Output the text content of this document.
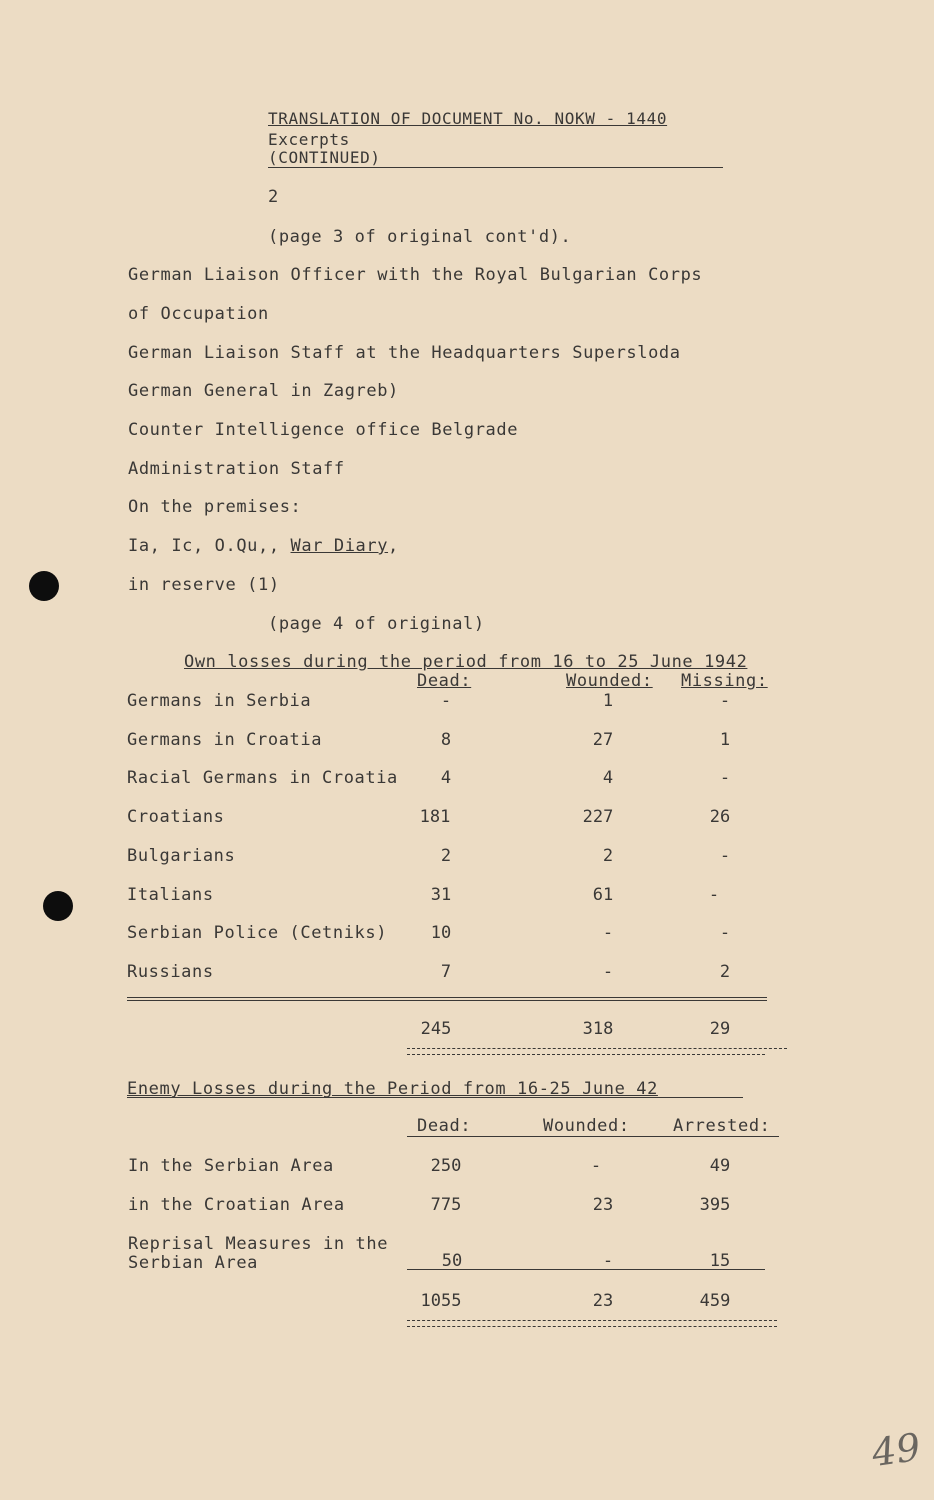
TRANSLATION OF DOCUMENT No. NOKW - 1440
Excerpts
(CONTINUED)
2
(page 3 of original cont'd).
German Liaison Officer with the Royal Bulgarian Corps
of Occupation
German Liaison Staff at the Headquarters Supersloda
German General in Zagreb)
Counter Intelligence office Belgrade
Administration Staff
On the premises:
Ia, Ic, O.Qu,, War Diary,
in reserve (1)
(page 4 of original)
Own losses during the period from 16 to 25 June 1942
Dead:	Wounded: Missing:
Germans in Serbia	-	1	-
Germans in Croatia	8	27	1
Racial Germans in Croatia	4	4	-
Croatians	181	227	26
Bulgarians	2	2	-
Italians	31	61	-
Serbian Police (Cetniks)	10	-	-
Russians	7	-	2
245	318	29
Enemy Losses during the Period from 16-25 June 42
Dead:	Wounded:	Arrested:
In the Serbian Area	250	-	49
in the Croatian Area	775	23	395
Reprisal Measures in the
Serbian Area	50	-	15
1055	23	459
49
